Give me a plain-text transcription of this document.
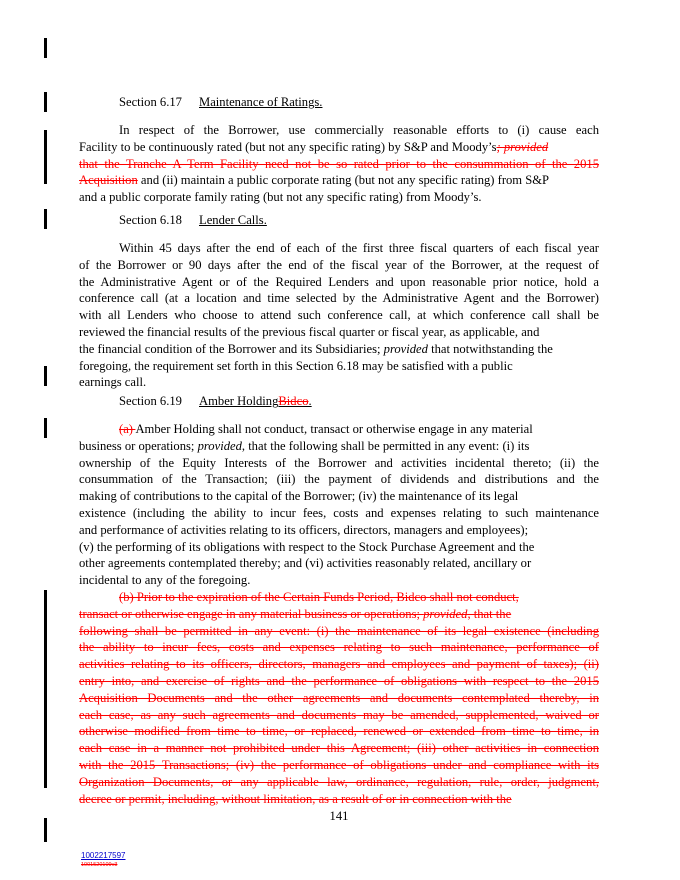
Section 6.17 Maintenance of Ratings.
In respect of the Borrower, use commercially reasonable efforts to (i) cause each
Facility to be continuously rated (but not any specific rating) by S&P and Moody’s; provided
that the Tranche A Term Facility need not be so rated prior to the consummation of the 2015
Acquisition and (ii) maintain a public corporate rating (but not any specific rating) from S&P
and a public corporate family rating (but not any specific rating) from Moody’s.
Section 6.18 Lender Calls.
Within 45 days after the end of each of the first three fiscal quarters of each fiscal year
of the Borrower or 90 days after the end of the fiscal year of the Borrower, at the request of
the Administrative Agent or of the Required Lenders and upon reasonable prior notice, hold a
conference call (at a location and time selected by the Administrative Agent and the Borrower)
with all Lenders who choose to attend such conference call, at which conference call shall be
reviewed the financial results of the previous fiscal quarter or fiscal year, as applicable, and
the financial condition of the Borrower and its Subsidiaries; provided that notwithstanding the
foregoing, the requirement set forth in this Section 6.18 may be satisfied with a public
earnings call.
Section 6.19 Amber HoldingBidco.
(a) Amber Holding shall not conduct, transact or otherwise engage in any material
business or operations; provided, that the following shall be permitted in any event: (i) its
ownership of the Equity Interests of the Borrower and activities incidental thereto; (ii) the
consummation of the Transaction; (iii) the payment of dividends and distributions and the
making of contributions to the capital of the Borrower; (iv) the maintenance of its legal
existence (including the ability to incur fees, costs and expenses relating to such maintenance
and performance of activities relating to its officers, directors, managers and employees);
(v) the performing of its obligations with respect to the Stock Purchase Agreement and the
other agreements contemplated thereby; and (vi) activities reasonably related, ancillary or
incidental to any of the foregoing.
(b) Prior to the expiration of the Certain Funds Period, Bidco shall not conduct,
transact or otherwise engage in any material business or operations; provided, that the
following shall be permitted in any event: (i) the maintenance of its legal existence (including
the ability to incur fees, costs and expenses relating to such maintenance, performance of
activities relating to its officers, directors, managers and employees and payment of taxes); (ii)
entry into, and exercise of rights and the performance of obligations with respect to the 2015
Acquisition Documents and the other agreements and documents contemplated thereby, in
each case, as any such agreements and documents may be amended, supplemented, waived or
otherwise modified from time to time, or replaced, renewed or extended from time to time, in
each case in a manner not prohibited under this Agreement; (iii) other activities in connection
with the 2015 Transactions; (iv) the performance of obligations under and compliance with its
Organization Documents, or any applicable law, ordinance, regulation, rule, order, judgment,
decree or permit, including, without limitation, as a result of or in connection with the
141
1002217597
1001520109v3
